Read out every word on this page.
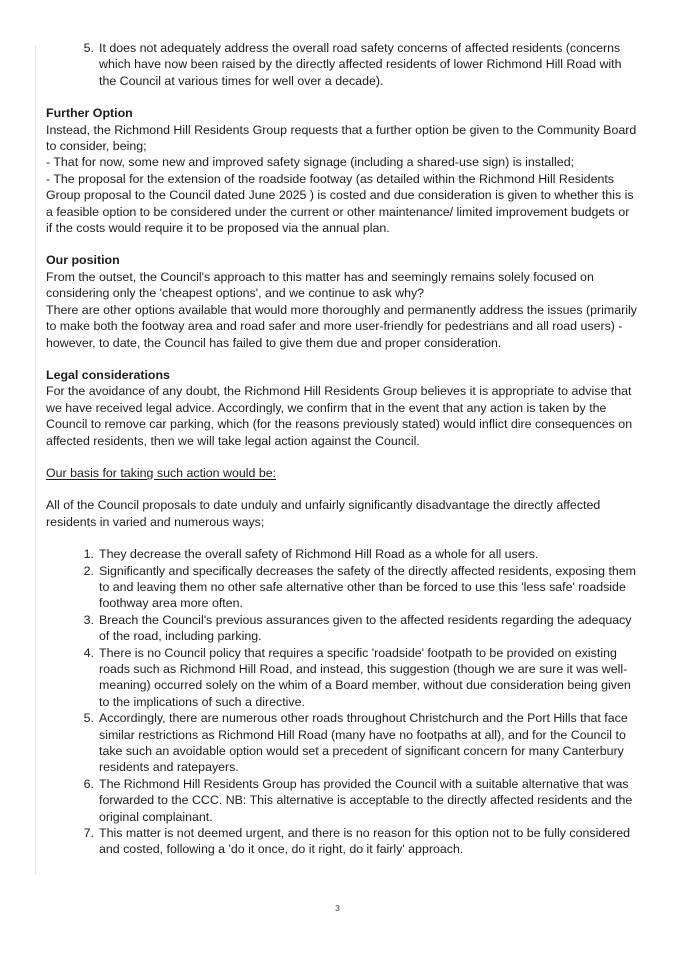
5. It does not adequately address the overall road safety concerns of affected residents (concerns which have now been raised by the directly affected residents of lower Richmond Hill Road with the Council at various times for well over a decade).

Further Option

Instead, the Richmond Hill Residents Group requests that a further option be given to the Community Board to consider, being;

- That for now, some new and improved safety signage (including a shared-use sign) is installed;

- The proposal for the extension of the roadside footway (as detailed within the Richmond Hill Residents Group proposal to the Council dated June 2025 ) is costed and due consideration is given to whether this is a feasible option to be considered under the current or other maintenance/ limited improvement budgets or if the costs would require it to be proposed via the annual plan.

Our position

From the outset, the Council's approach to this matter has and seemingly remains solely focused on considering only the 'cheapest options', and we continue to ask why?

There are other options available that would more thoroughly and permanently address the issues (primarily to make both the footway area and road safer and more user-friendly for pedestrians and all road users) - however, to date, the Council has failed to give them due and proper consideration.

Legal considerations

For the avoidance of any doubt, the Richmond Hill Residents Group believes it is appropriate to advise that we have received legal advice. Accordingly, we confirm that in the event that any action is taken by the Council to remove car parking, which (for the reasons previously stated) would inflict dire consequences on affected residents, then we will take legal action against the Council.

Our basis for taking such action would be:

All of the Council proposals to date unduly and unfairly significantly disadvantage the directly affected residents in varied and numerous ways;

1. They decrease the overall safety of Richmond Hill Road as a whole for all users.
2. Significantly and specifically decreases the safety of the directly affected residents, exposing them to and leaving them no other safe alternative other than be forced to use this 'less safe' roadside foothway area more often.
3. Breach the Council's previous assurances given to the affected residents regarding the adequacy of the road, including parking.
4. There is no Council policy that requires a specific 'roadside' footpath to be provided on existing roads such as Richmond Hill Road, and instead, this suggestion (though we are sure it was well-meaning) occurred solely on the whim of a Board member, without due consideration being given to the implications of such a directive.
5. Accordingly, there are numerous other roads throughout Christchurch and the Port Hills that face similar restrictions as Richmond Hill Road (many have no footpaths at all), and for the Council to take such an avoidable option would set a precedent of significant concern for many Canterbury residents and ratepayers.
6. The Richmond Hill Residents Group has provided the Council with a suitable alternative that was forwarded to the CCC. NB: This alternative is acceptable to the directly affected residents and the original complainant.
7. This matter is not deemed urgent, and there is no reason for this option not to be fully considered and costed, following a 'do it once, do it right, do it fairly' approach.
3
